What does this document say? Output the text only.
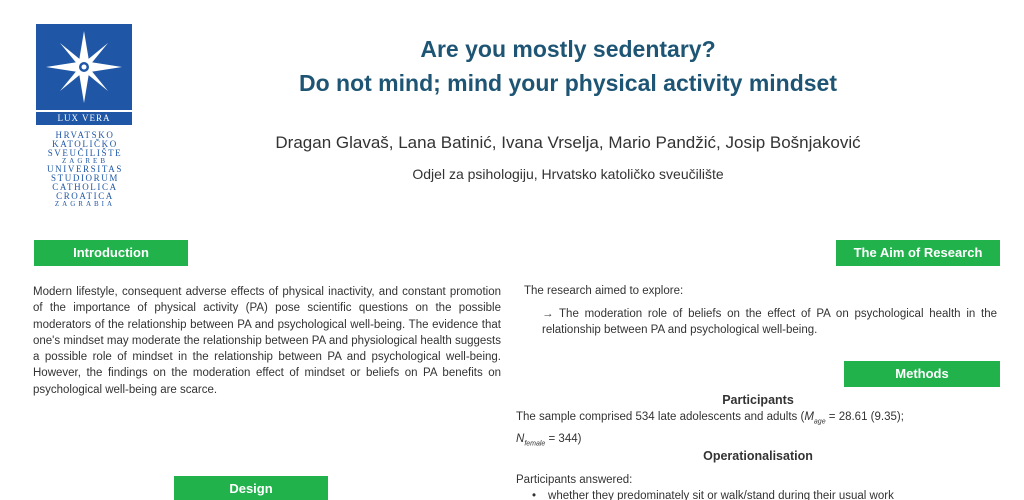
LUX VERA
HRVATSKO
KATOLIČKO
SVEUČILIŠTE
ZAGREB
UNIVERSITAS
STUDIORUM
CATHOLICA
CROATICA
ZAGRABIA
Are you mostly sedentary?
Do not mind; mind your physical activity mindset
Dragan Glavaš, Lana Batinić, Ivana Vrselja, Mario Pandžić, Josip Bošnjaković
Odjel za psihologiju, Hrvatsko katoličko sveučilište
Introduction
Modern lifestyle, consequent adverse effects of physical inactivity, and constant promotion of the importance of physical activity (PA) pose scientific questions on the possible moderators of the relationship between PA and psychological well-being. The evidence that one's mindset may moderate the relationship between PA and physiological health suggests a possible role of mindset in the relationship between PA and psychological well-being. However, the findings on the moderation effect of mindset or beliefs on PA benefits on psychological well-being are scarce.
Design
The Aim of Research
The research aimed to explore:
→ The moderation role of beliefs on the effect of PA on psychological health in the relationship between PA and psychological well-being.
Methods
Participants
The sample comprised 534 late adolescents and adults ($M_{age} = 28.61$ (9.35);
$N_{female} = 344$)
Operationalisation
Participants answered:
• whether they predominately sit or walk/stand during their usual work
